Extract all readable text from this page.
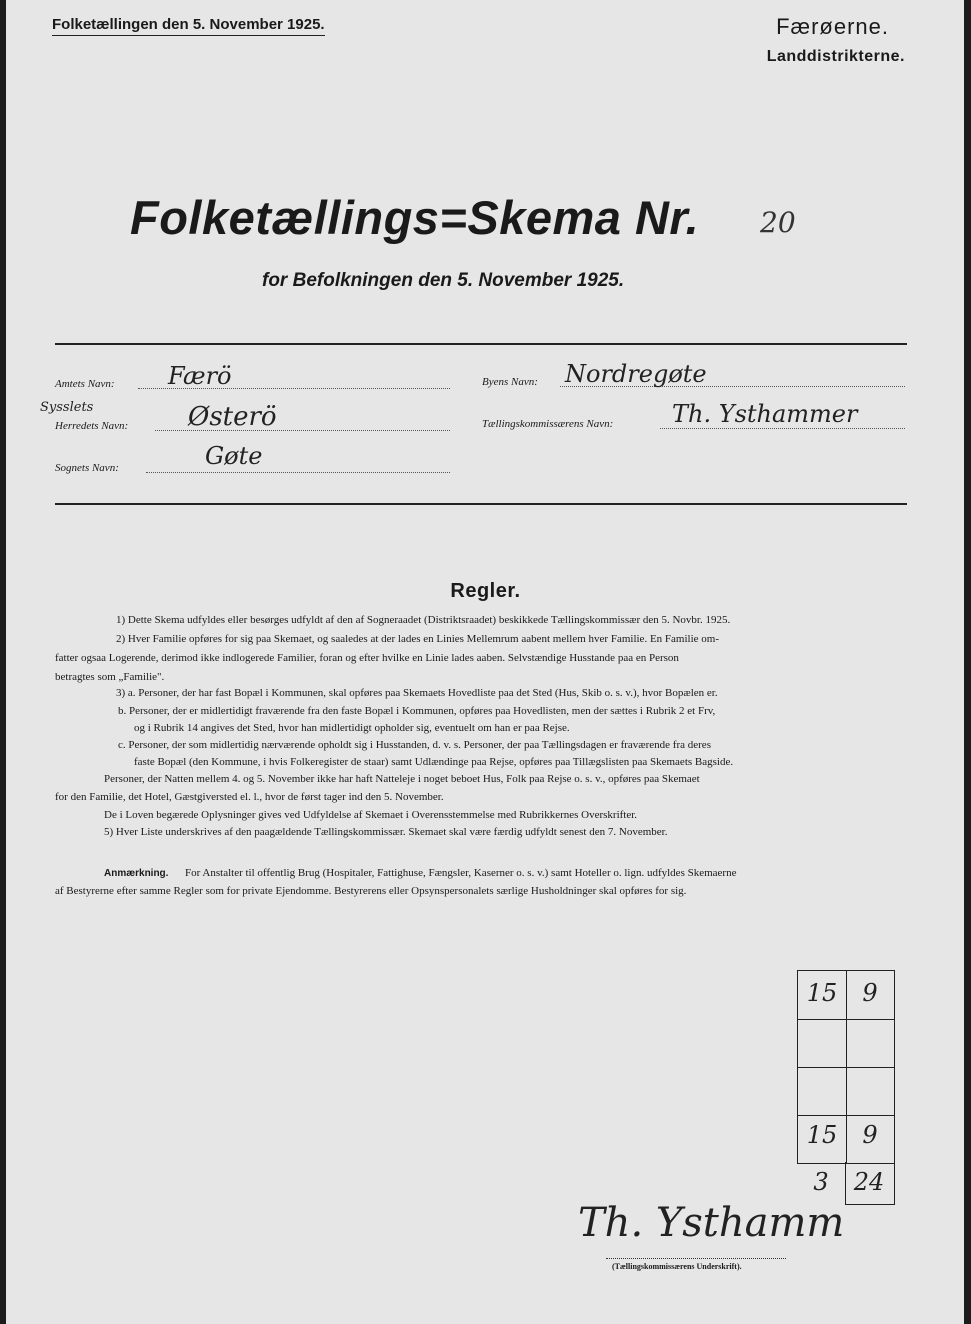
Folketællingen den 5. November 1925.	Færøerne.
Landdistrikterne.
Folketællings=Skema Nr. 20
for Befolkningen den 5. November 1925.
Amtets Navn: Færö
Sysslets
Herredets Navn: Østerö
Sognets Navn:	Gøte
Byens Navn: Nordregøte
Tællingskommissærens Navn: Th. Ysthammer
Regler.
1) Dette Skema udfyldes eller besørges udfyldt af den af Sogneraadet (Distriktsraadet) beskikkede Tællingskommissær den 5. Novbr. 1925.
2) Hver Familie opføres for sig paa Skemaet, og saaledes at der lades en Linies Mellemrum aabent mellem hver Familie. En Familie om-
fatter ogsaa Logerende, derimod ikke indlogerede Familier, foran og efter hvilke en Linie lades aaben. Selvstændige Husstande paa en Person
betragtes som „Familie".
3) a. Personer, der har fast Bopæl i Kommunen, skal opføres paa Skemaets Hovedliste paa det Sted (Hus, Skib o. s. v.), hvor Bopælen er.
b. Personer, der er midlertidigt fraværende fra den faste Bopæl i Kommunen, opføres paa Hovedlisten, men der sættes i Rubrik 2 et Frv,
og i Rubrik 14 angives det Sted, hvor han midlertidigt opholder sig, eventuelt om han er paa Rejse.
c. Personer, der som midlertidig nærværende opholdt sig i Husstanden, d. v. s. Personer, der paa Tællingsdagen er fraværende fra deres
faste Bopæl (den Kommune, i hvis Folkeregister de staar) samt Udlændinge paa Rejse, opføres paa Tillægslisten paa Skemaets Bagside.
Personer, der Natten mellem 4. og 5. November ikke har haft Natteleje i noget beboet Hus, Folk paa Rejse o. s. v., opføres paa Skemaet
for den Familie, det Hotel, Gæstgiversted el. l., hvor de først tager ind den 5. November.
De i Loven begærede Oplysninger gives ved Udfyldelse af Skemaet i Overensstemmelse med Rubrikkernes Overskrifter.
5) Hver Liste underskrives af den paagældende Tællingskommissær. Skemaet skal være færdig udfyldt senest den 7. November.
Anmærkning. For Anstalter til offentlig Brug (Hospitaler, Fattighuse, Fængsler, Kaserner o. s. v.) samt Hoteller o. lign. udfyldes Skemaerne
af Bestyrerne efter samme Regler som for private Ejendomme. Bestyrerens eller Opsynspersonalets særlige Husholdninger skal opføres for sig.
15	9
15	9
3	24
Th. Ysthamm
(Tællingskommissærens Underskrift).
